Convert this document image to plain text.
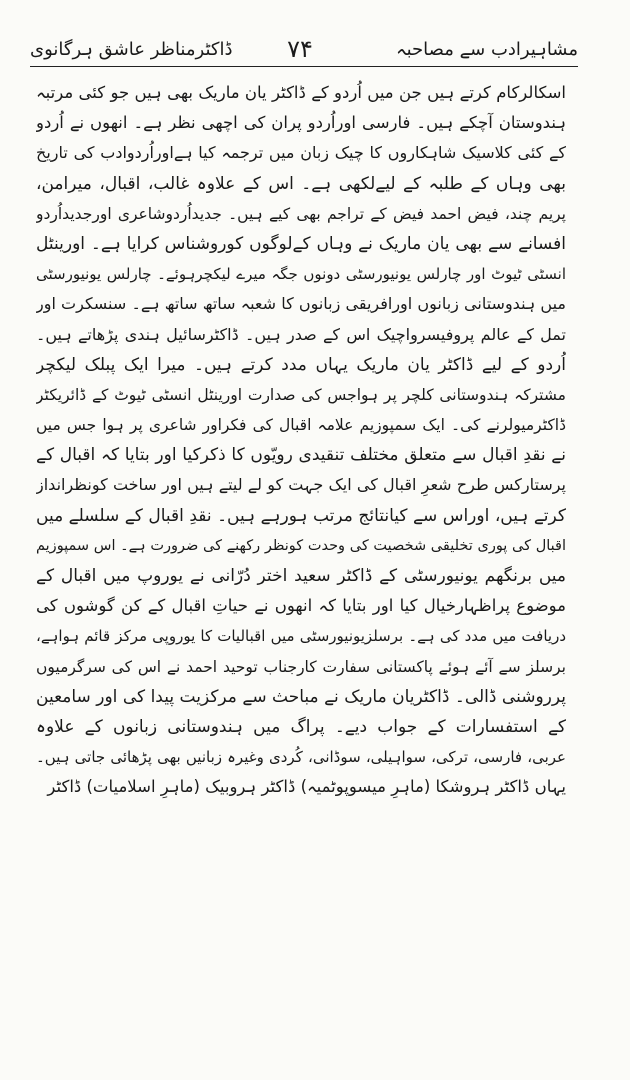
مشاہیرادب سے مصاحبہ
۷۴
ڈاکٹرمناظر عاشق ہرگانوی
اسکالرکام کرتے ہیں جن میں اُردو کے ڈاکٹر یان ماریک بھی ہیں جو کئی مرتبہ
ہندوستان آچکے ہیں۔ فارسی اوراُردو پران کی اچھی نظر ہے۔ انھوں نے اُردو
کے کئی کلاسیک شاہکاروں کا چیک زبان میں ترجمہ کیا ہےاوراُردوادب کی تاریخ
بھی وہاں کے طلبہ کے لیےلکھی ہے۔ اس کے علاوہ غالب، اقبال، میرامن،
پریم چند، فیض احمد فیض کے تراجم بھی کیے ہیں۔ جدیداُردوشاعری اورجدیداُردو
افسانے سے بھی یان ماریک نے وہاں کےلوگوں کوروشناس کرایا ہے۔ اورینٹل
انسٹی ٹیوٹ اور چارلس یونیورسٹی دونوں جگہ میرے لیکچرہوئے۔ چارلس یونیورسٹی
میں ہندوستانی زبانوں اورافریقی زبانوں کا شعبہ ساتھ ساتھ ہے۔ سنسکرت اور
تمل کے عالم پروفیسرواچیک اس کے صدر ہیں۔ ڈاکٹرسائیل ہندی پڑھاتے ہیں۔
اُردو کے لیے ڈاکٹر یان ماریک یہاں مدد کرتے ہیں۔ میرا ایک پبلک لیکچر
مشترکہ ہندوستانی کلچر پر ہواجس کی صدارت اورینٹل انسٹی ٹیوٹ کے ڈائریکٹر
ڈاکٹرمیولرنے کی۔ ایک سمپوزیم علامہ اقبال کی فکراور شاعری پر ہوا جس میں
نے نقدِ اقبال سے متعلق مختلف تنقیدی رویّوں کا ذکرکیا اور بتایا کہ اقبال کے
پرستارکس طرح شعرِ اقبال کی ایک جہت کو لے لیتے ہیں اور ساخت کونظرانداز
کرتے ہیں، اوراس سے کیانتائج مرتب ہورہے ہیں۔ نقدِ اقبال کے سلسلے میں
اقبال کی پوری تخلیقی شخصیت کی وحدت کونظر رکھنے کی ضرورت ہے۔ اس سمپوزیم
میں برنگھم یونیورسٹی کے ڈاکٹر سعید اختر دُرّانی نے یوروپ میں اقبال کے
موضوع پراظہارخیال کیا اور بتایا کہ انھوں نے حیاتِ اقبال کے کن گوشوں کی
دریافت میں مدد کی ہے۔ برسلزیونیورسٹی میں اقبالیات کا یوروپی مرکز قائم ہواہے،
برسلز سے آئے ہوئے پاکستانی سفارت کارجناب توحید احمد نے اس کی سرگرمیوں
پرروشنی ڈالی۔ ڈاکٹریان ماریک نے مباحث سے مرکزیت پیدا کی اور سامعین
کے استفسارات کے جواب دیے۔ پراگ میں ہندوستانی زبانوں کے علاوہ
عربی، فارسی، ترکی، سواہیلی، سوڈانی، کُردی وغیرہ زبانیں بھی پڑھائی جاتی ہیں۔
یہاں ڈاکٹر ہروشکا (ماہرِ میسوپوٹمیہ) ڈاکٹر ہروبیک (ماہرِ اسلامیات) ڈاکٹر
